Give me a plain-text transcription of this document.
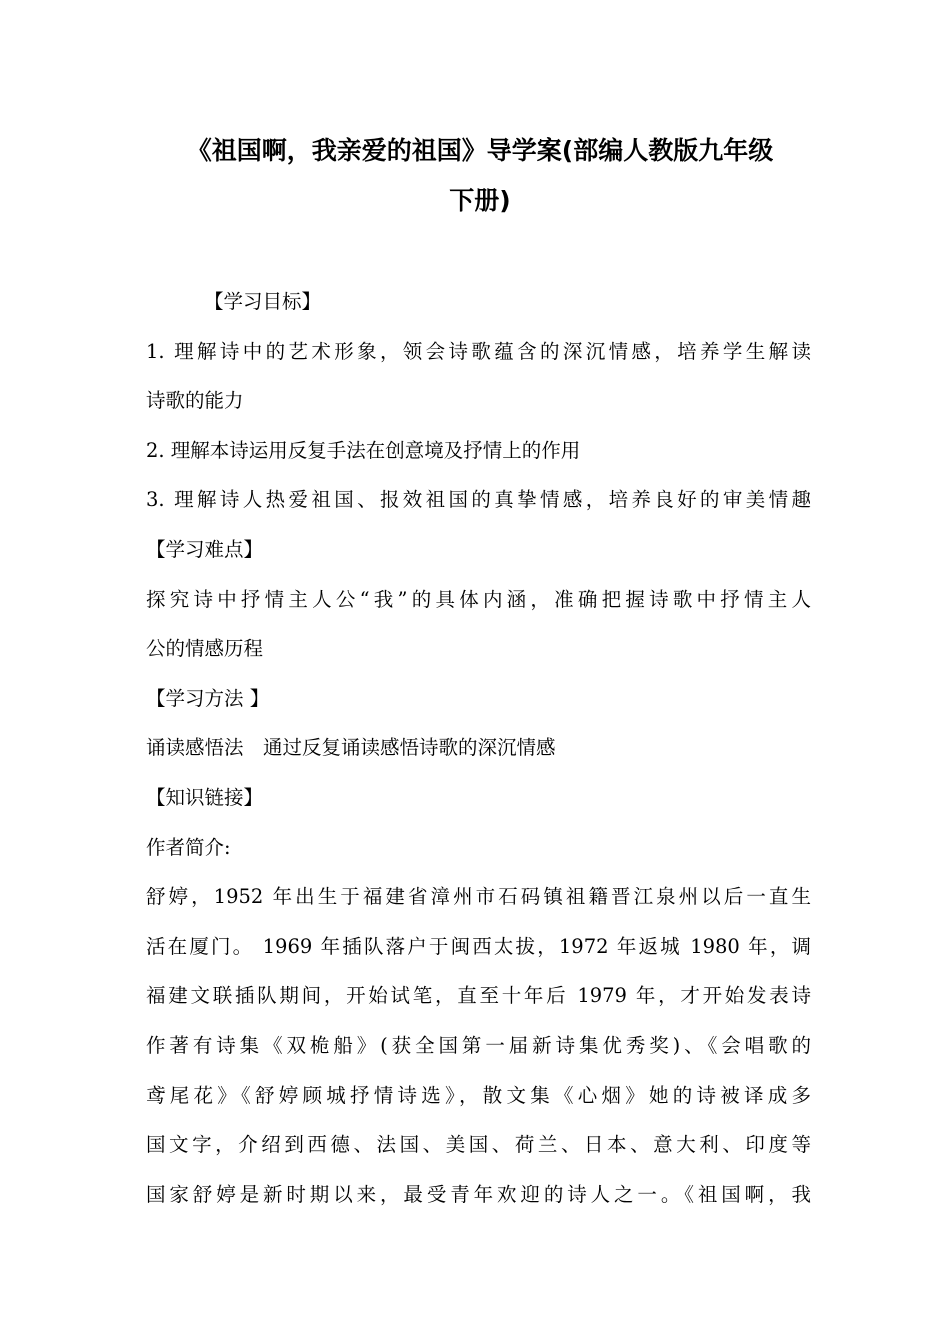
《祖国啊，我亲爱的祖国》导学案(部编人教版九年级
下册)
【学习目标】
1. 理解诗中的艺术形象，领会诗歌蕴含的深沉情感，培养学生解读
诗歌的能力
2. 理解本诗运用反复手法在创意境及抒情上的作用
3. 理解诗人热爱祖国、报效祖国的真挚情感，培养良好的审美情趣
【学习难点】
探究诗中抒情主人公“我”的具体内涵，准确把握诗歌中抒情主人
公的情感历程
【学习方法 】
诵读感悟法　通过反复诵读感悟诗歌的深沉情感
【知识链接】
作者简介:
舒婷，1952 年出生于福建省漳州市石码镇祖籍晋江泉州以后一直生
活在厦门。 1969 年插队落户于闽西太拔，1972 年返城 1980 年，调
福建文联插队期间，开始试笔，直至十年后 1979 年，才开始发表诗
作著有诗集《双桅船》(获全国第一届新诗集优秀奖)、《会唱歌的
鸢尾花》《舒婷顾城抒情诗选》，散文集《心烟》她的诗被译成多
国文字，介绍到西德、法国、美国、荷兰、日本、意大利、印度等
国家舒婷是新时期以来，最受青年欢迎的诗人之一。《祖国啊，我
